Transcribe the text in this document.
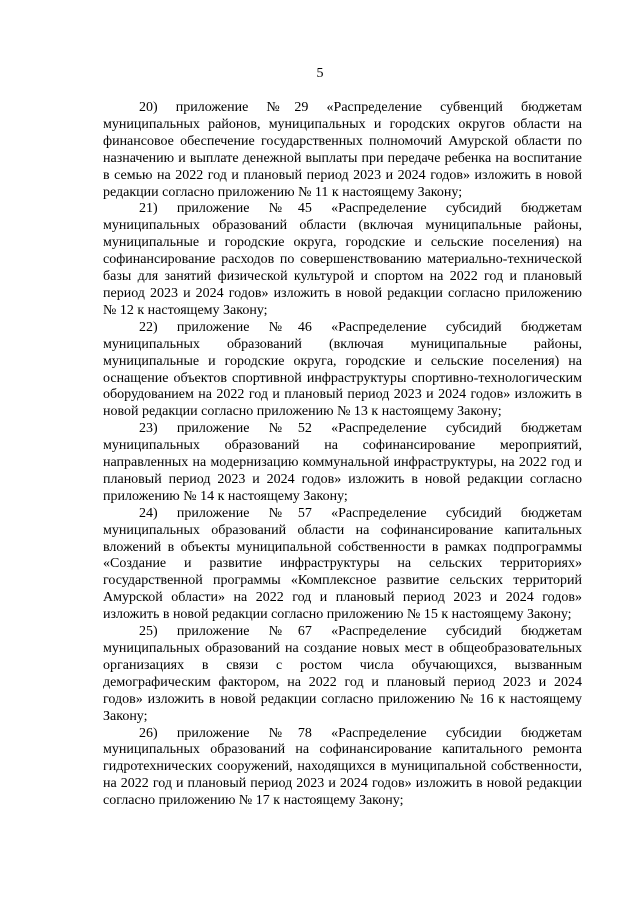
5

20)   приложение   №  29   «Распределение   субвенций   бюджетам муниципальных районов, муниципальных и городских округов области на финансовое обеспечение государственных полномочий Амурской области по назначению и выплате денежной выплаты при передаче ребенка на воспитание в семью на 2022 год и плановый период 2023 и 2024 годов» изложить в новой редакции согласно приложению № 11 к настоящему Закону;

21)   приложение   №  45   «Распределение   субсидий   бюджетам муниципальных образований области (включая муниципальные районы, муниципальные и городские округа, городские и сельские поселения) на софинансирование расходов по совершенствованию материально-технической базы для занятий физической культурой и спортом на 2022 год и плановый период 2023 и 2024 годов» изложить в новой редакции согласно приложению № 12 к настоящему Закону;

22)   приложение   №  46   «Распределение   субсидий   бюджетам муниципальных образований (включая муниципальные районы, муниципальные и городские округа, городские и сельские поселения) на оснащение объектов спортивной инфраструктуры спортивно-технологическим оборудованием на 2022 год и плановый период 2023 и 2024 годов» изложить в новой редакции согласно приложению № 13 к настоящему Закону;

23)   приложение   №  52   «Распределение   субсидий   бюджетам муниципальных образований на софинансирование мероприятий, направленных на модернизацию коммунальной инфраструктуры, на 2022 год и плановый период 2023 и 2024 годов» изложить в новой редакции согласно приложению № 14 к настоящему Закону;

24)   приложение   №  57   «Распределение   субсидий   бюджетам муниципальных образований области на софинансирование капитальных вложений в объекты муниципальной собственности в рамках подпрограммы «Создание и развитие инфраструктуры на сельских территориях» государственной программы «Комплексное развитие сельских территорий Амурской области» на 2022 год и плановый период 2023 и 2024 годов» изложить в новой редакции согласно приложению № 15 к настоящему Закону;

25)   приложение   №  67   «Распределение   субсидий   бюджетам муниципальных образований на создание новых мест в общеобразовательных организациях в связи с ростом числа обучающихся, вызванным демографическим фактором, на 2022 год и плановый период 2023 и 2024 годов» изложить в новой редакции согласно приложению № 16 к настоящему Закону;

26)   приложение   №  78   «Распределение   субсидии   бюджетам муниципальных образований на софинансирование капитального ремонта гидротехнических сооружений, находящихся в муниципальной собственности, на 2022 год и плановый период 2023 и 2024 годов» изложить в новой редакции согласно приложению № 17 к настоящему Закону;
